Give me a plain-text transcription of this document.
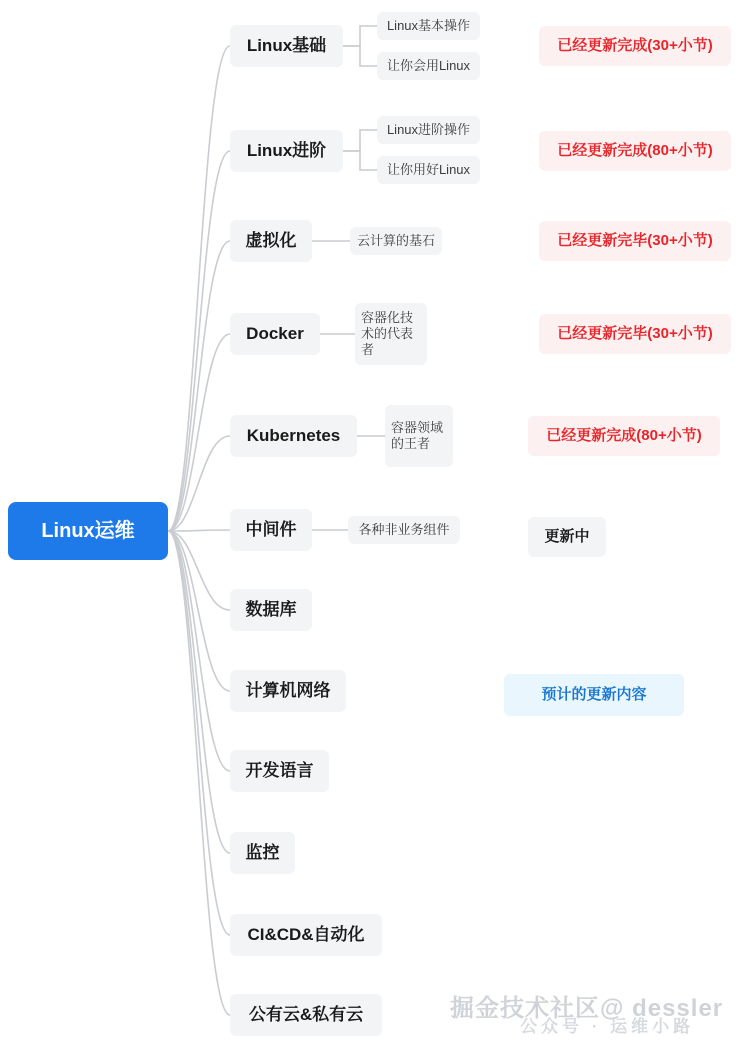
Linux运维
Linux基础
Linux基本操作
让你会用Linux
已经更新完成(30+小节)
Linux进阶
Linux进阶操作
让你用好Linux
已经更新完成(80+小节)
虚拟化	云计算的基石	已经更新完毕(30+小节)
Docker
容器化技术的代表者
已经更新完毕(30+小节)
Kubernetes	容器领域的王者	已经更新完成(80+小节)
中间件	各种非业务组件	更新中
数据库
计算机网络	预计的更新内容
开发语言
监控
CI&CD&自动化
公有云&私有云	掘金技术社区@ dessler
公众号 · 运维小路
